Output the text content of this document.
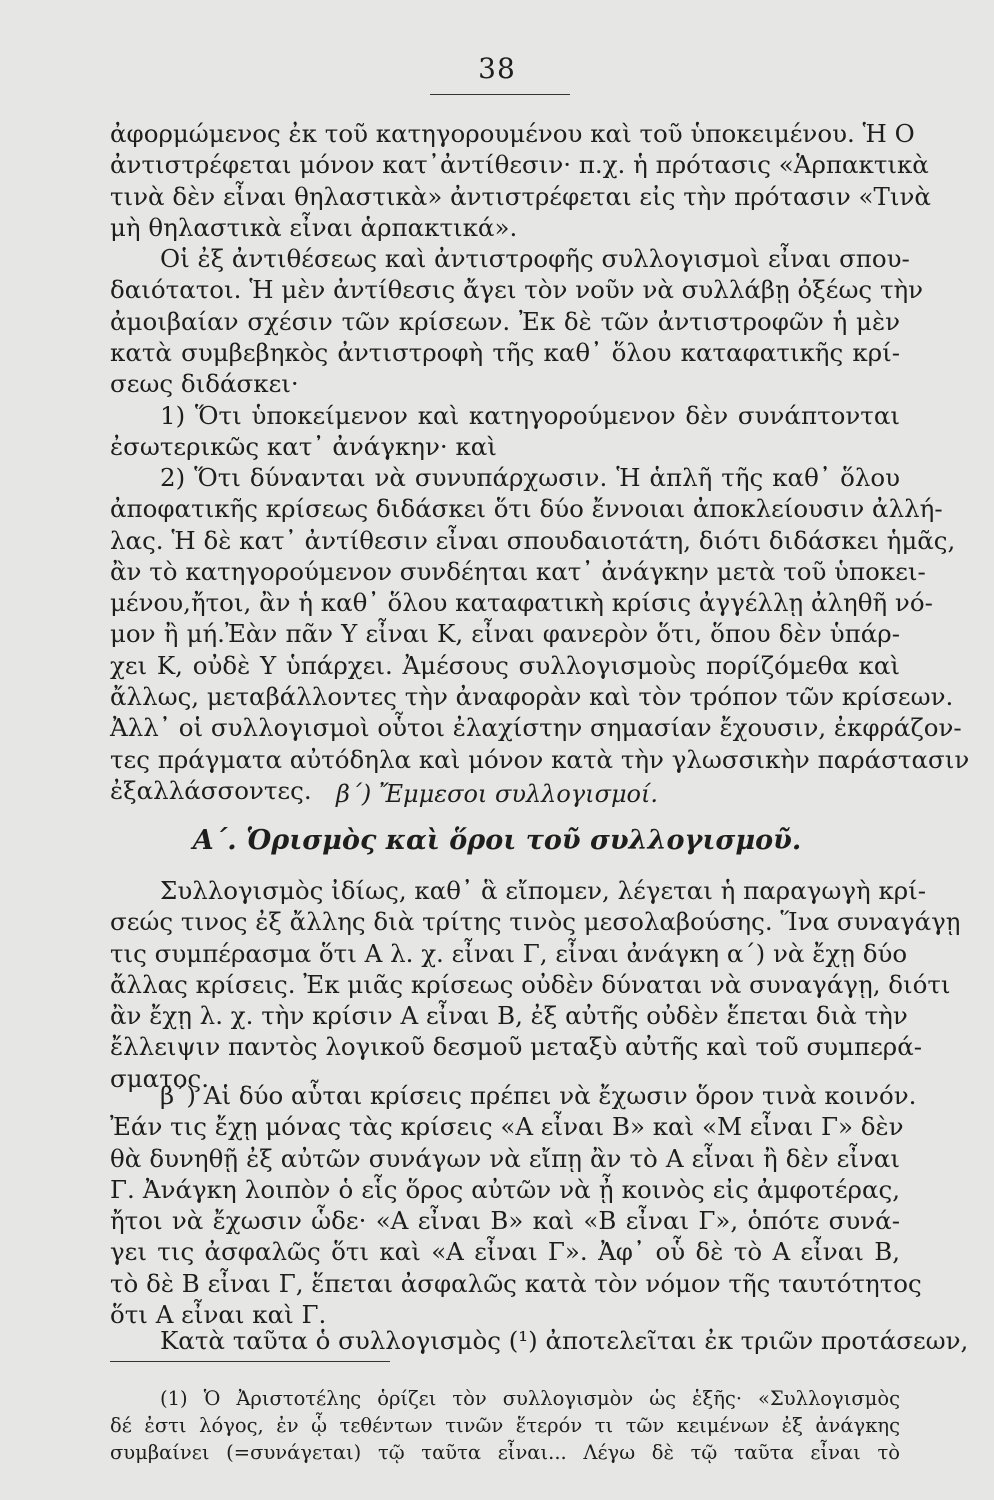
38
ἀφορμώμενος ἐκ τοῦ κατηγορουμένου καὶ τοῦ ὑποκειμένου. Ἡ Ο
ἀντιστρέφεται μόνον κατ᾽ἀντίθεσιν· π.χ. ἡ πρότασις «Ἁρπακτικὰ
τινὰ δὲν εἶναι θηλαστικὰ» ἀντιστρέφεται εἰς τὴν πρότασιν «Τινὰ
μὴ θηλαστικὰ εἶναι ἁρπακτικά».
Οἱ ἐξ ἀντιθέσεως καὶ ἀντιστροφῆς συλλογισμοὶ εἶναι σπου-
δαιότατοι. Ἡ μὲν ἀντίθεσις ἄγει τὸν νοῦν νὰ συλλάβῃ ὀξέως τὴν
ἀμοιβαίαν σχέσιν τῶν κρίσεων. Ἐκ δὲ τῶν ἀντιστροφῶν ἡ μὲν
κατὰ συμβεβηκὸς ἀντιστροφὴ τῆς καθ᾽ ὅλου καταφατικῆς κρί-
σεως διδάσκει·
1) Ὅτι ὑποκείμενον καὶ κατηγορούμενον δὲν συνάπτονται
ἐσωτερικῶς κατ᾽ ἀνάγκην· καὶ
2) Ὅτι δύνανται νὰ συνυπάρχωσιν. Ἡ ἁπλῆ τῆς καθ᾽ ὅλου
ἀποφατικῆς κρίσεως διδάσκει ὅτι δύο ἔννοιαι ἀποκλείουσιν ἀλλή-
λας. Ἡ δὲ κατ᾽ ἀντίθεσιν εἶναι σπουδαιοτάτη, διότι διδάσκει ἡμᾶς,
ἂν τὸ κατηγορούμενον συνδέηται κατ᾽ ἀνάγκην μετὰ τοῦ ὑποκει-
μένου,ἤτοι, ἂν ἡ καθ᾽ ὅλου καταφατικὴ κρίσις ἀγγέλλῃ ἀληθῆ νό-
μον ἢ μή.Ἐὰν πᾶν Υ εἶναι Κ, εἶναι φανερὸν ὅτι, ὅπου δὲν ὑπάρ-
χει Κ, οὐδὲ Υ ὑπάρχει. Ἀμέσους συλλογισμοὺς πορίζόμεθα καὶ
ἄλλως, μεταβάλλοντες τὴν ἀναφορὰν καὶ τὸν τρόπον τῶν κρίσεων.
Ἀλλ᾽ οἱ συλλογισμοὶ οὗτοι ἐλαχίστην σημασίαν ἔχουσιν, ἐκφράζον-
τες πράγματα αὐτόδηλα καὶ μόνον κατὰ τὴν γλωσσικὴν παράστασιν
ἐξαλλάσσοντες.	β´) Ἔμμεσοι συλλογισμοί.
Α΄. Ὁρισμὸς καὶ ὅροι τοῦ συλλογισμοῦ.
Συλλογισμὸς ἰδίως, καθ᾽ ἃ εἴπομεν, λέγεται ἡ παραγωγὴ κρί-
σεώς τινος ἐξ ἄλλης διὰ τρίτης τινὸς μεσολαβούσης. Ἵνα συναγάγῃ
τις συμπέρασμα ὅτι Α λ. χ. εἶναι Γ, εἶναι ἀνάγκη α´) νὰ ἔχῃ δύο
ἄλλας κρίσεις. Ἐκ μιᾶς κρίσεως οὐδὲν δύναται νὰ συναγάγῃ, διότι
ἂν ἔχῃ λ. χ. τὴν κρίσιν Α εἶναι Β, ἐξ αὐτῆς οὐδὲν ἕπεται διὰ τὴν
ἔλλειψιν παντὸς λογικοῦ δεσμοῦ μεταξὺ αὐτῆς καὶ τοῦ συμπερά-
σματος.
β´) Αἱ δύο αὗται κρίσεις πρέπει νὰ ἔχωσιν ὅρον τινὰ κοινόν.
Ἐάν τις ἔχῃ μόνας τὰς κρίσεις «Α εἶναι Β» καὶ «Μ εἶναι Γ» δὲν
θὰ δυνηθῇ ἐξ αὐτῶν συνάγων νὰ εἴπῃ ἂν τὸ Α εἶναι ἢ δὲν εἶναι
Γ. Ἀνάγκη λοιπὸν ὁ εἷς ὅρος αὐτῶν νὰ ᾖ κοινὸς εἰς ἀμφοτέρας,
ἤτοι νὰ ἔχωσιν ὧδε· «Α εἶναι Β» καὶ «Β εἶναι Γ», ὁπότε συνά-
γει τις ἀσφαλῶς ὅτι καὶ «Α εἶναι Γ». Ἀφ᾽ οὗ δὲ τὸ Α εἶναι Β,
τὸ δὲ Β εἶναι Γ, ἕπεται ἀσφαλῶς κατὰ τὸν νόμον τῆς ταυτότητος
ὅτι Α εἶναι καὶ Γ.
Κατὰ ταῦτα ὁ συλλογισμὸς (¹) ἀποτελεῖται ἐκ τριῶν προτάσεων,
(1) Ὁ Ἀριστοτέλης ὁρίζει τὸν συλλογισμὸν ὡς ἑξῆς· «Συλλογισμὸς
δέ ἐστι λόγος, ἐν ᾧ τεθέντων τινῶν ἕτερόν τι τῶν κειμένων ἐξ ἀνάγκης
συμβαίνει (=συνάγεται) τῷ ταῦτα εἶναι... Λέγω δὲ τῷ ταῦτα εἶναι τὸ
